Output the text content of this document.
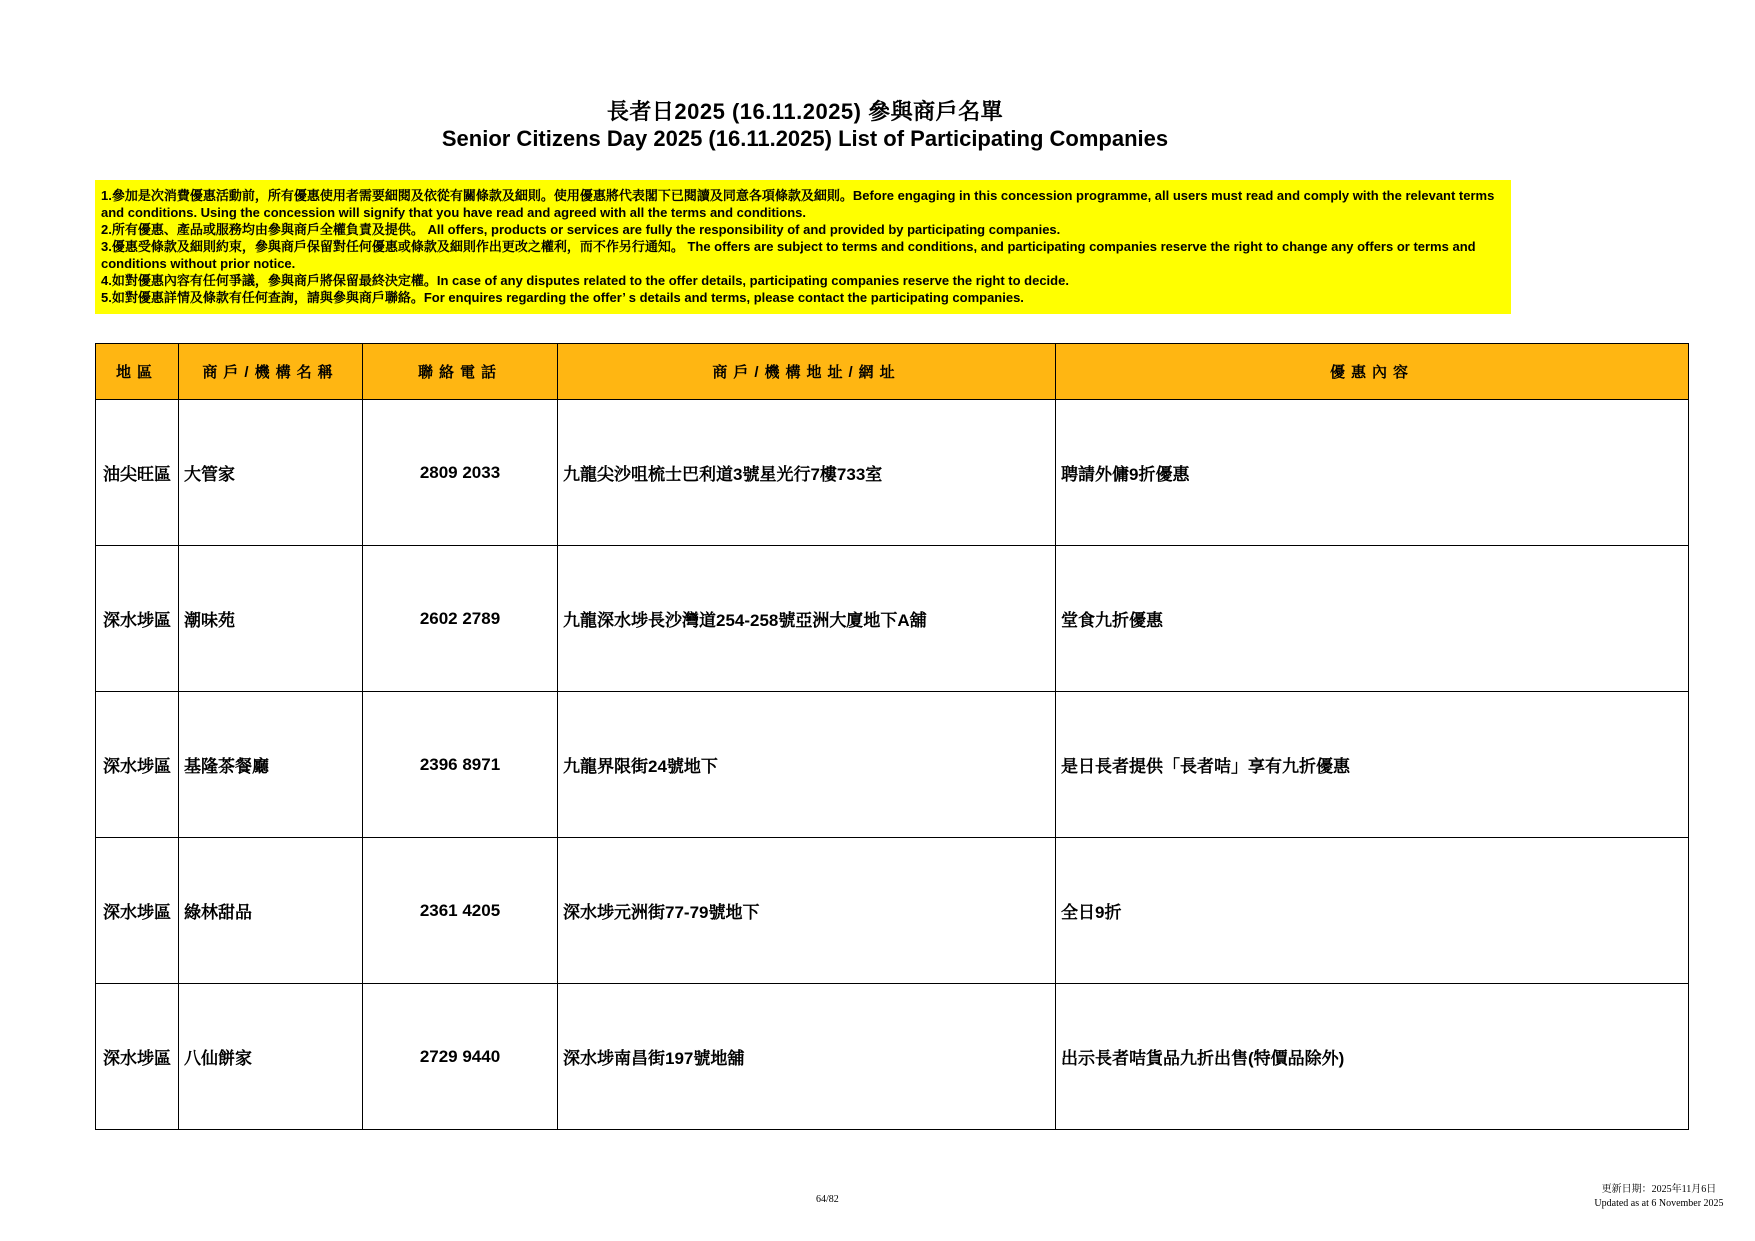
長者日2025 (16.11.2025) 參與商戶名單
Senior Citizens Day 2025 (16.11.2025) List of Participating Companies

1.參加是次消費優惠活動前，所有優惠使用者需要細閱及依從有關條款及細則。使用優惠將代表閣下已閱讀及同意各項條款及細則。Before engaging in this concession programme, all users must read and comply with the relevant terms and conditions. Using the concession will signify that you have read and agreed with all the terms and conditions.

2.所有優惠、產品或服務均由參與商戶全權負責及提供。 All offers, products or services are fully the responsibility of and provided by participating companies.

3.優惠受條款及細則約束，參與商戶保留對任何優惠或條款及細則作出更改之權利，而不作另行通知。 The offers are subject to terms and conditions, and participating companies reserve the right to change any offers or terms and conditions without prior notice.

4.如對優惠內容有任何爭議，參與商戶將保留最終決定權。In case of any disputes related to the offer details, participating companies reserve the right to decide.

5.如對優惠詳情及條款有任何查詢，請與參與商戶聯絡。For enquires regarding the offer’ s details and terms, please contact the participating companies.

地區	商戶/機構名稱	聯絡電話	商戶/機構地址/網址	優惠內容
油尖旺區	大管家	2809 2033	九龍尖沙咀梳士巴利道3號星光行7樓733室	聘請外傭9折優惠
深水埗區	潮味苑	2602 2789	九龍深水埗長沙灣道254-258號亞洲大廈地下A舖	堂食九折優惠
深水埗區	基隆茶餐廳	2396 8971	九龍界限街24號地下	是日長者提供「長者咭」享有九折優惠
深水埗區	綠林甜品	2361 4205	深水埗元洲街77-79號地下	全日9折
深水埗區	八仙餅家	2729 9440	深水埗南昌街197號地舖	出示長者咭貨品九折出售(特價品除外)
64/82
更新日期：2025年11月6日
Updated as at 6 November 2025
